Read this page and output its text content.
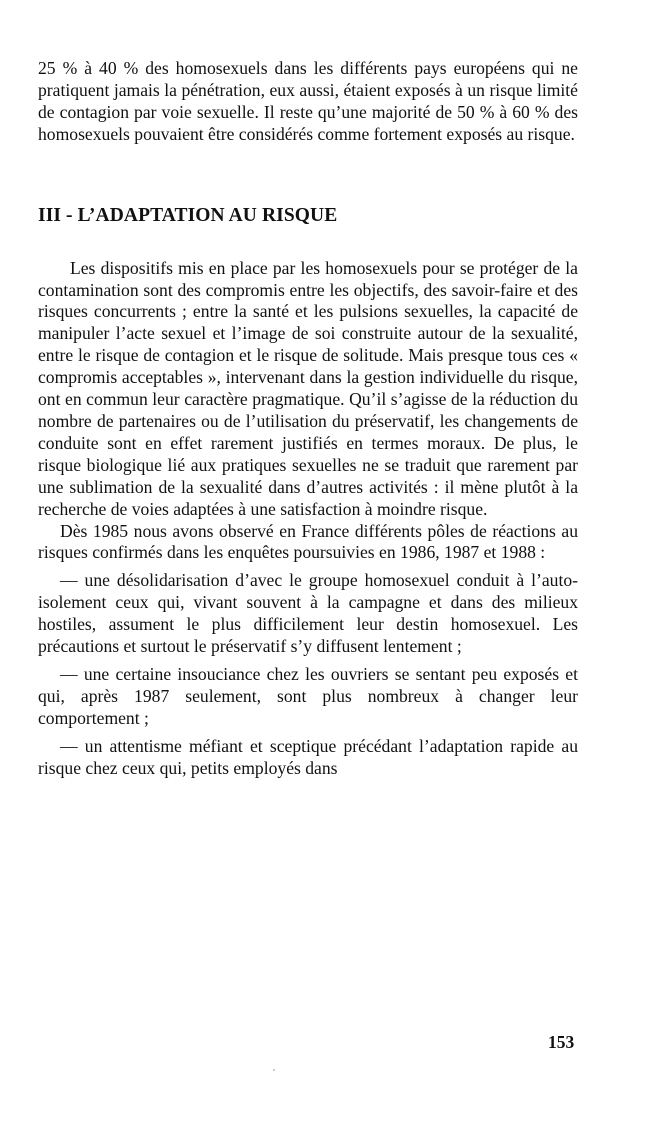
25 % à 40 % des homosexuels dans les différents pays européens qui ne pratiquent jamais la pénétration, eux aussi, étaient exposés à un risque limité de contagion par voie sexuelle. Il reste qu’une majorité de 50 % à 60 % des homosexuels pouvaient être considérés comme fortement exposés au risque.

III - L’ADAPTATION AU RISQUE

Les dispositifs mis en place par les homosexuels pour se protéger de la contamination sont des compromis entre les objectifs, des savoir-faire et des risques concurrents ; entre la santé et les pulsions sexuelles, la capacité de manipuler l’acte sexuel et l’image de soi construite autour de la sexualité, entre le risque de contagion et le risque de solitude. Mais presque tous ces « compromis acceptables », intervenant dans la gestion individuelle du risque, ont en commun leur caractère pragmatique. Qu’il s’agisse de la réduction du nombre de partenaires ou de l’utilisation du préservatif, les changements de conduite sont en effet rarement justifiés en termes moraux. De plus, le risque biologique lié aux pratiques sexuelles ne se traduit que rarement par une sublimation de la sexualité dans d’autres activités : il mène plutôt à la recherche de voies adaptées à une satisfaction à moindre risque.

Dès 1985 nous avons observé en France différents pôles de réactions au risques confirmés dans les enquêtes poursuivies en 1986, 1987 et 1988 :

— une désolidarisation d’avec le groupe homosexuel conduit à l’auto-isolement ceux qui, vivant souvent à la campagne et dans des milieux hostiles, assument le plus difficilement leur destin homosexuel. Les précautions et surtout le préservatif s’y diffusent lentement ;

— une certaine insouciance chez les ouvriers se sentant peu exposés et qui, après 1987 seulement, sont plus nombreux à changer leur comportement ;

— un attentisme méfiant et sceptique précédant l’adaptation rapide au risque chez ceux qui, petits employés dans

153
